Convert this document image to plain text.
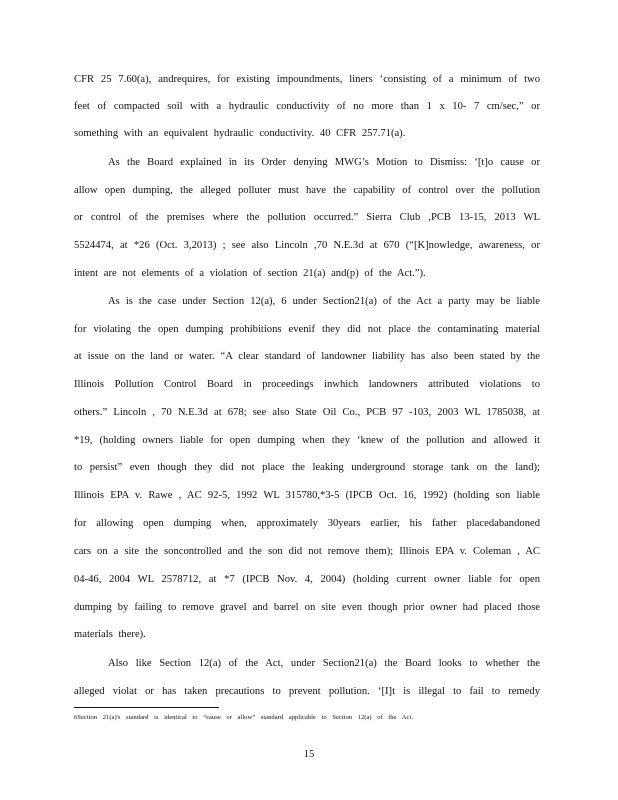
CFR 25 7.60(a), andrequires, for existing impoundments, liners ‘consisting of a minimum of two
feet of compacted soil with a hydraulic conductivity of no more than 1 x 10- 7 cm/sec,” or
something with an equivalent hydraulic conductivity. 40 CFR 257.71(a).
As the Board explained in its Order denying MWG’s Motion to Dismiss: ‘[t]o cause or
allow open dumping, the alleged polluter must have the capability of control over the pollution
or control of the premises where the pollution occurred.” Sierra Club ,PCB 13-15, 2013 WL
5524474, at *26 (Oct. 3,2013) ; see also Lincoln ,70 N.E.3d at 670 (“[K]nowledge, awareness, or
intent are not elements of a violation of section 21(a) and(p) of the Act.”).
As is the case under Section 12(a), 6 under Section21(a) of the Act a party may be liable
for violating the open dumping prohibitions evenif they did not place the contaminating material
at issue on the land or water. “A clear standard of landowner liability has also been stated by the
Illinois Pollution Control Board in proceedings inwhich landowners attributed violations to
others.” Lincoln , 70 N.E.3d at 678; see also State Oil Co., PCB 97 -103, 2003 WL 1785038, at
*19, (holding owners liable for open dumping when they ‘knew of the pollution and allowed it
to persist” even though they did not place the leaking underground storage tank on the land);
Illinois EPA v. Rawe , AC 92-5, 1992 WL 315780,*3-5 (IPCB Oct. 16, 1992) (holding son liable
for allowing open dumping when, approximately 30years earlier, his father placedabandoned
cars on a site the soncontrolled and the son did not remove them); Illinois EPA v. Coleman , AC
04-46, 2004 WL 2578712, at *7 (IPCB Nov. 4, 2004) (holding current owner liable for open
dumping by failing to remove gravel and barrel on site even though prior owner had placed those
materials there).
Also like Section 12(a) of the Act, under Section21(a) the Board looks to whether the
alleged violat or has taken precautions to prevent pollution. ‘[I]t is illegal to fail to remedy
6Section 21(a)'s standard is identical to “cause or allow” standard applicable to Section 12(a) of the Act.
15
